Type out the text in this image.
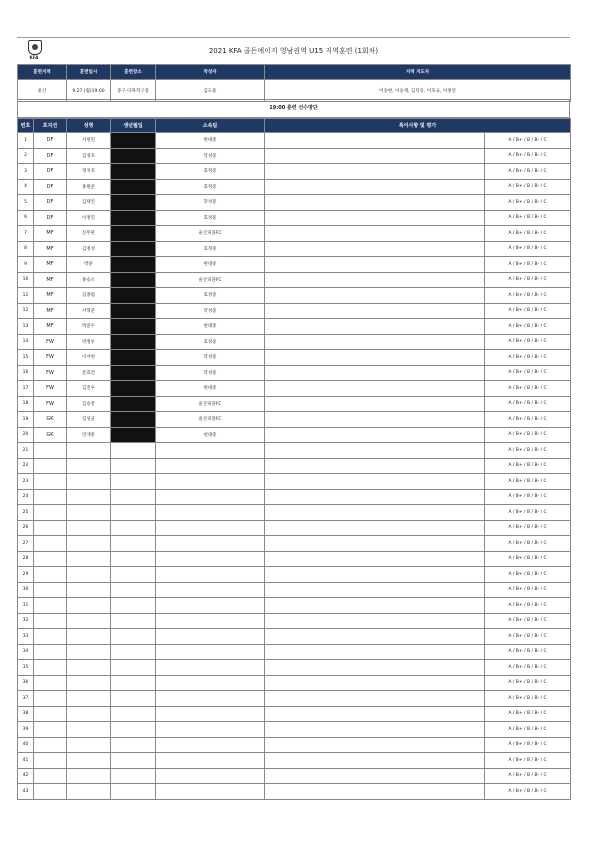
KFA
2021 KFA 골든에이지 영남권역 U15 지역훈련 (1회차)
훈련지역	훈련일시	훈련장소	작성자	지역 지도자
울산	9.27.(월)19:00	중구 다목적구장	김도용	이승현, 이승재, 김덕유, 이호규, 이정연
19:00 훈련 선수명단
번호	포지션	성명	생년월일	소속팀	특이사항 및 평가	
1	DF	서현민		현대중		A / B+ / B / B- / C
2	DF	김경호		학성중		A / B+ / B / B- / C
3	DF	정지호		효정중		A / B+ / B / B- / C
4	DF	홍원준		효정중		A / B+ / B / B- / C
5	DF	김택진		학성중		A / B+ / B / B- / C
6	DF	이정민		효정중		A / B+ / B / B- / C
7	MF	신무관		울산피플FC		A / B+ / B / B- / C
8	MF	김정성		효정중		A / B+ / B / B- / C
9	MF	박준		현대중		A / B+ / B / B- / C
10	MF	홍승오		울산피플FC		A / B+ / B / B- / C
11	MF	김종범		효정중		A / B+ / B / B- / C
12	MF	서혁준		학성중		A / B+ / B / B- / C
13	MF	박준수		현대중		A / B+ / B / B- / C
14	FW	박정우		효정중		A / B+ / B / B- / C
15	FW	이서현		학성중		A / B+ / B / B- / C
16	FW	문효진		학성중		A / B+ / B / B- / C
17	FW	김진우		현대중		A / B+ / B / B- / C
18	FW	김승찬		울산피플FC		A / B+ / B / B- / C
19	GK	김성균		울산피플FC		A / B+ / B / B- / C
20	GK	연재훈		현대중		A / B+ / B / B- / C
21						A / B+ / B / B- / C
22						A / B+ / B / B- / C
23						A / B+ / B / B- / C
24						A / B+ / B / B- / C
25						A / B+ / B / B- / C
26						A / B+ / B / B- / C
27						A / B+ / B / B- / C
28						A / B+ / B / B- / C
29						A / B+ / B / B- / C
30						A / B+ / B / B- / C
31						A / B+ / B / B- / C
32						A / B+ / B / B- / C
33						A / B+ / B / B- / C
34						A / B+ / B / B- / C
35						A / B+ / B / B- / C
36						A / B+ / B / B- / C
37						A / B+ / B / B- / C
38						A / B+ / B / B- / C
39						A / B+ / B / B- / C
40						A / B+ / B / B- / C
41						A / B+ / B / B- / C
42						A / B+ / B / B- / C
43						A / B+ / B / B- / C
